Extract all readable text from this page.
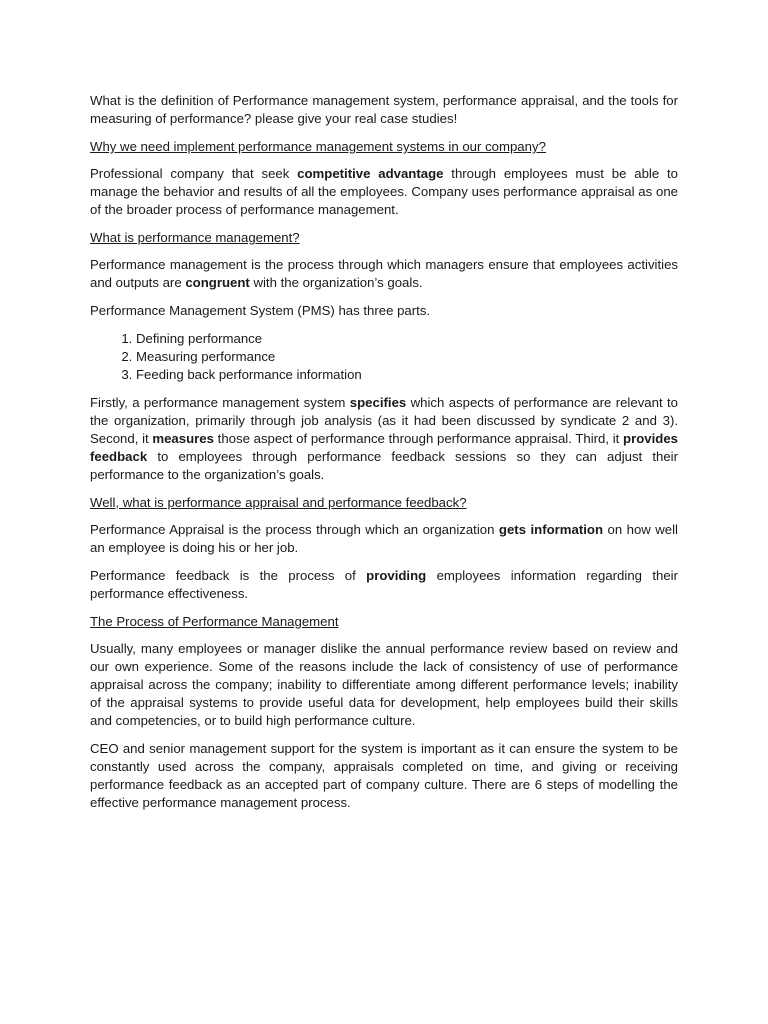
What is the definition of Performance management system, performance appraisal, and the tools for measuring of performance? please give your real case studies!

Why we need implement performance management systems in our company?

Professional company that seek competitive advantage through employees must be able to manage the behavior and results of all the employees. Company uses performance appraisal as one of the broader process of performance management.

What is performance management?

Performance management is the process through which managers ensure that employees activities and outputs are congruent with the organization’s goals.

Performance Management System (PMS) has three parts.

1. Defining performance
2. Measuring performance
3. Feeding back performance information

Firstly, a performance management system specifies which aspects of performance are relevant to the organization, primarily through job analysis (as it had been discussed by syndicate 2 and 3). Second, it measures those aspect of performance through performance appraisal. Third, it provides feedback to employees through performance feedback sessions so they can adjust their performance to the organization’s goals.

Well, what is performance appraisal and performance feedback?

Performance Appraisal is the process through which an organization gets information on how well an employee is doing his or her job.

Performance feedback is the process of providing employees information regarding their performance effectiveness.

The Process of Performance Management

Usually, many employees or manager dislike the annual performance review based on review and our own experience. Some of the reasons include the lack of consistency of use of performance appraisal across the company; inability to differentiate among different performance levels; inability of the appraisal systems to provide useful data for development, help employees build their skills and competencies, or to build high performance culture.

CEO and senior management support for the system is important as it can ensure the system to be constantly used across the company, appraisals completed on time, and giving or receiving performance feedback as an accepted part of company culture. There are 6 steps of modelling the effective performance management process.
